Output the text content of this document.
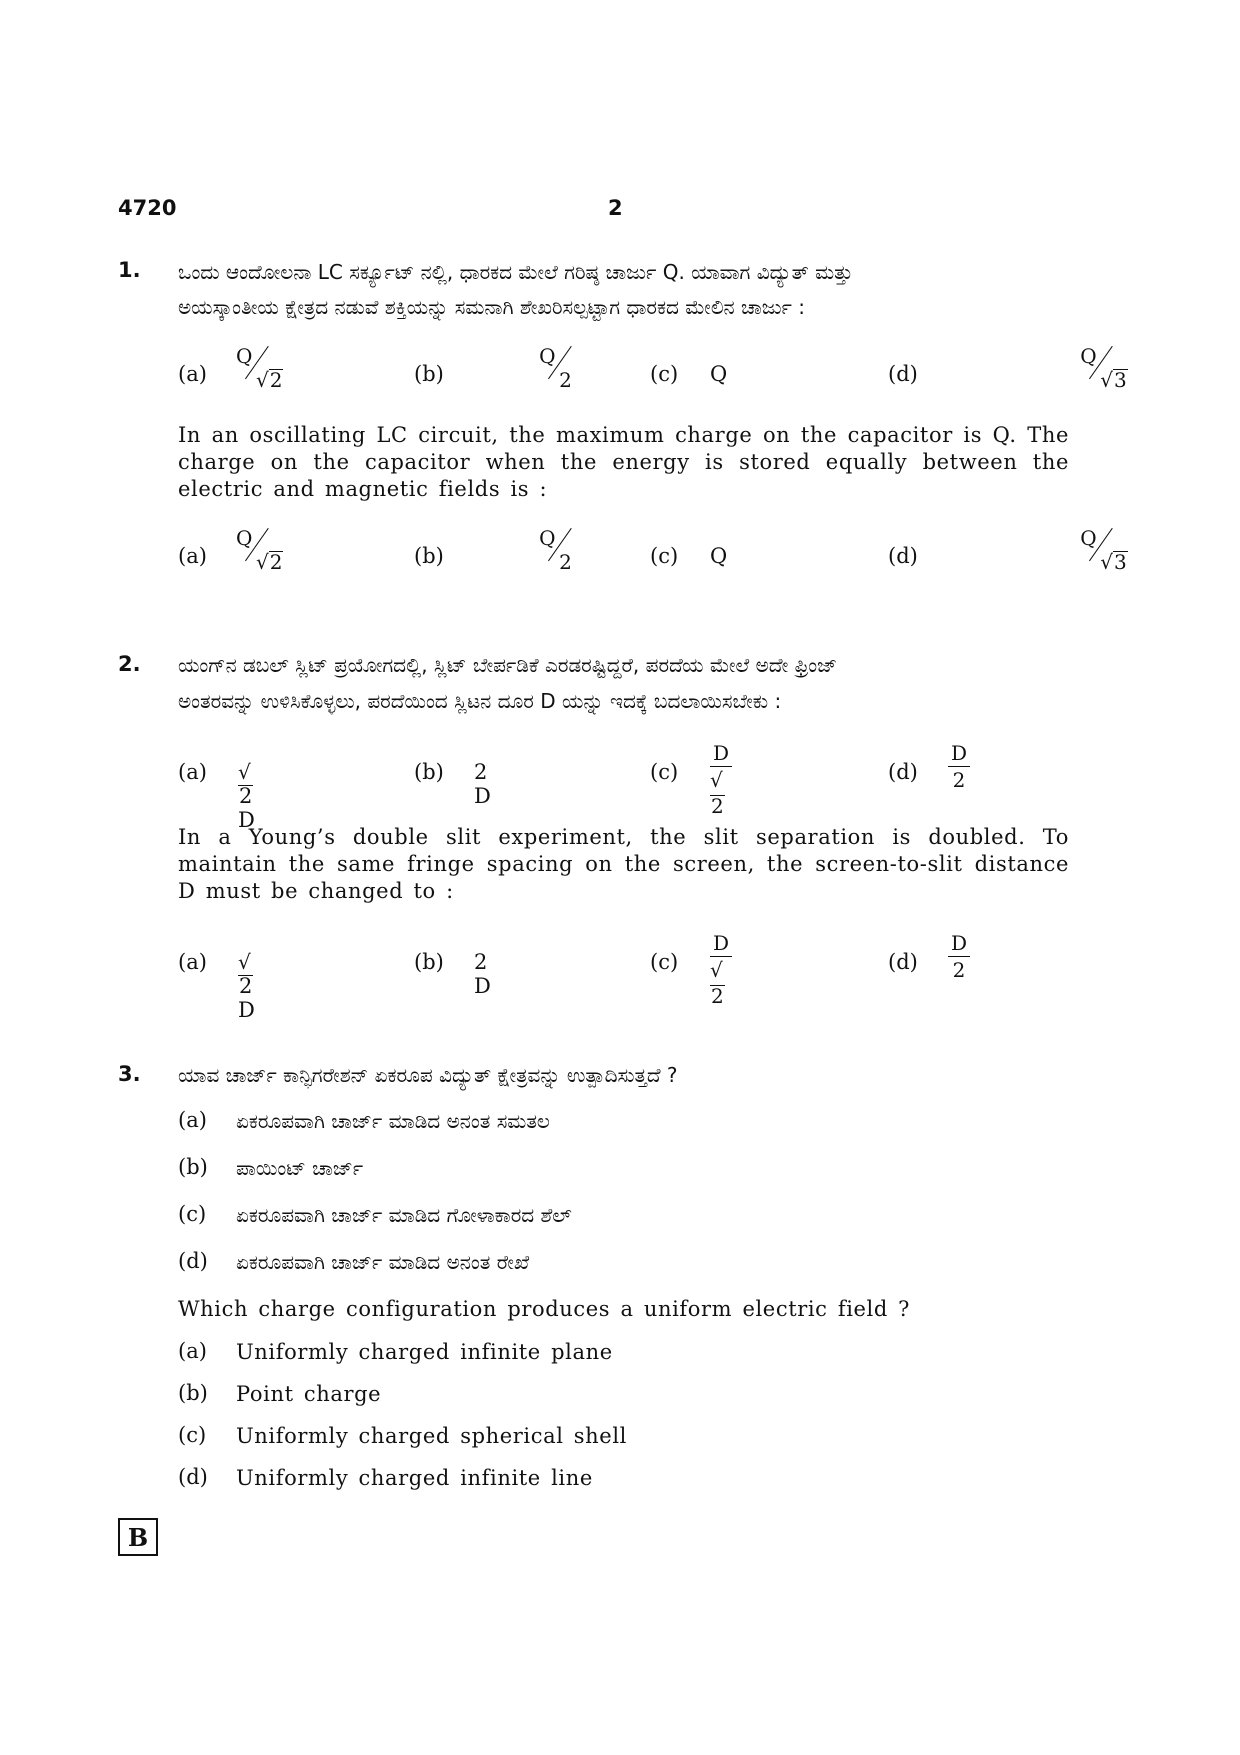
4720	2
1. ಒಂದು ಆಂದೋಲನಾ LC ಸರ್ಕ್ಯೂಟ್ ನಲ್ಲಿ, ಧಾರಕದ ಮೇಲೆ ಗರಿಷ್ಠ ಚಾರ್ಜು Q. ಯಾವಾಗ ವಿದ್ಯುತ್ ಮತ್ತು
ಅಯಸ್ಕಾಂತೀಯ ಕ್ಷೇತ್ರದ ನಡುವೆ ಶಕ್ತಿಯನ್ನು ಸಮನಾಗಿ ಶೇಖರಿಸಲ್ಪಟ್ಟಾಗ ಧಾರಕದ ಮೇಲಿನ ಚಾರ್ಜು :
(a)
Q
√2
	(b)
Q
2
	(c) Q	(d)
Q
√3
In an oscillating LC circuit, the maximum charge on the capacitor is Q. The charge on the capacitor when the energy is stored equally between the electric and magnetic fields is :
(a)
Q
√2
	(b)
Q
2
	(c) Q	(d)
Q
√3
2. ಯಂಗ್‌ನ ಡಬಲ್ ಸ್ಲಿಟ್ ಪ್ರಯೋಗದಲ್ಲಿ, ಸ್ಲಿಟ್ ಬೇರ್ಪಡಿಕೆ ಎರಡರಷ್ಟಿದ್ದರೆ, ಪರದೆಯ ಮೇಲೆ ಅದೇ ಫ್ರಿಂಜ್
ಅಂತರವನ್ನು ಉಳಿಸಿಕೊಳ್ಳಲು, ಪರದೆಯಿಂದ ಸ್ಲಿಟನ ದೂರ D ಯನ್ನು ಇದಕ್ಕೆ ಬದಲಾಯಿಸಬೇಕು :
(a) √2 D
(b) 2 D
(c)
D
√2
(d)
D
2
In a Young’s double slit experiment, the slit separation is doubled. To maintain the same fringe spacing on the screen, the screen-to-slit distance D must be changed to :
(a) √2 D
(b) 2 D
(c)
D
√2
(d)
D
2
3. ಯಾವ ಚಾರ್ಜ್ ಕಾನ್ಫಿಗರೇಶನ್ ಏಕರೂಪ ವಿದ್ಯುತ್ ಕ್ಷೇತ್ರವನ್ನು ಉತ್ಪಾದಿಸುತ್ತದೆ ?
(a) ಏಕರೂಪವಾಗಿ ಚಾರ್ಜ್ ಮಾಡಿದ ಅನಂತ ಸಮತಲ
(b) ಪಾಯಿಂಟ್ ಚಾರ್ಜ್
(c) ಏಕರೂಪವಾಗಿ ಚಾರ್ಜ್ ಮಾಡಿದ ಗೋಳಾಕಾರದ ಶೆಲ್
(d) ಏಕರೂಪವಾಗಿ ಚಾರ್ಜ್ ಮಾಡಿದ ಅನಂತ ರೇಖೆ
Which charge configuration produces a uniform electric field ?
(a) Uniformly charged infinite plane
(b) Point charge
(c) Uniformly charged spherical shell
(d) Uniformly charged infinite line
B
